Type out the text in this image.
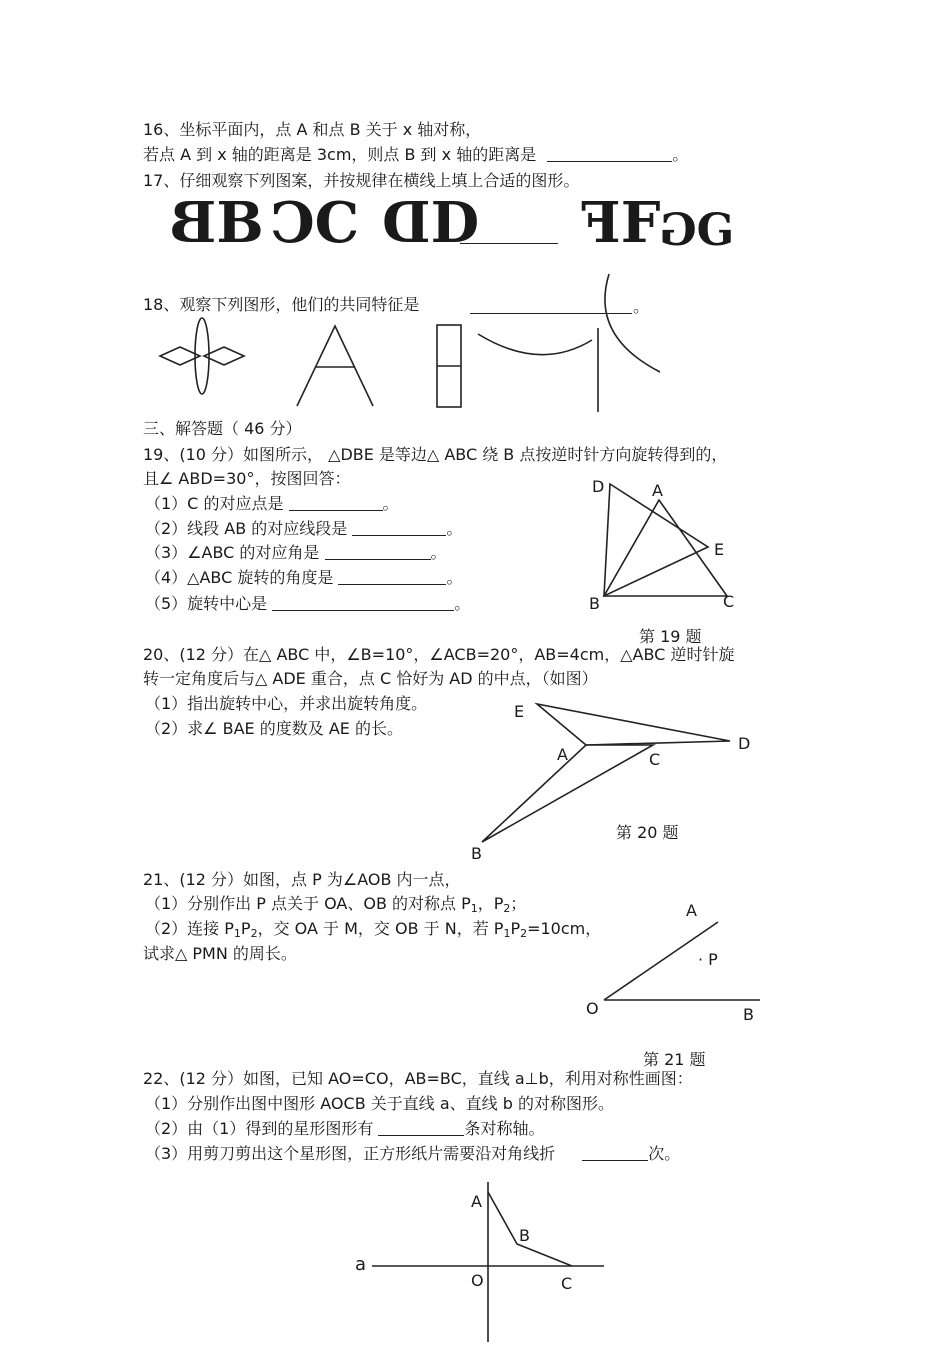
16、坐标平面内，点 A 和点 B 关于 x 轴对称，
若点 A 到 x 轴的距离是 3cm，则点 B 到 x 轴的距离是	。
17、仔细观察下列图案，并按规律在横线上填上合适的图形。
BB CC DD FF GG
18、观察下列图形，他们的共同特征是	。
三、解答题（ 46 分）
19、(10 分）如图所示， △DBE 是等边△ ABC 绕 B 点按逆时针方向旋转得到的，
且∠ ABD=30°，按图回答：
（1）C 的对应点是	。
（2）线段 AB 的对应线段是	。
（3）∠ABC 的对应角是	。
（4）△ABC 旋转的角度是	。
（5）旋转中心是	。
D	A
E
B	C
第 19 题
20、(12 分）在△ ABC 中，∠B=10°，∠ACB=20°，AB=4cm，△ABC 逆时针旋
转一定角度后与△ ADE 重合，点 C 恰好为 AD 的中点，（如图）
（1）指出旋转中心，并求出旋转角度。
（2）求∠ BAE 的度数及 AE 的长。
E
A	C
D
B
第 20 题
21、(12 分）如图，点 P 为∠AOB 内一点，
（1）分别作出 P 点关于 OA、OB 的对称点 $P_1$，$P_2$；
（2）连接 $P_1P_2$，交 OA 于 M，交 OB 于 N，若 $P_1P_2=10cm$，
试求△ PMN 的周长。
A
· P
O	B
第 21 题
22、(12 分）如图，已知 AO=CO，AB=BC，直线 a⊥b，利用对称性画图：
（1）分别作出图中图形 AOCB 关于直线 a、直线 b 的对称图形。
（2）由（1）得到的星形图形有	条对称轴。
（3）用剪刀剪出这个星形图，正方形纸片需要沿对角线折	次。
A
B
a
O	C
